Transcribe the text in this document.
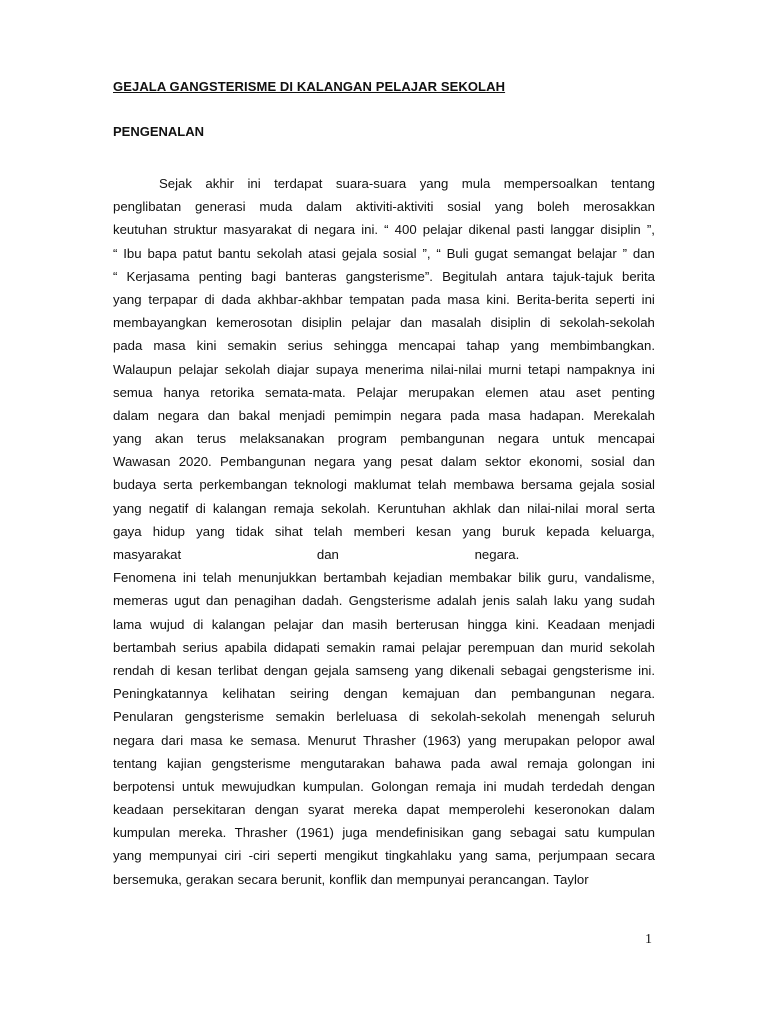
GEJALA GANGSTERISME DI KALANGAN PELAJAR SEKOLAH
PENGENALAN
Sejak akhir ini terdapat suara-suara yang mula mempersoalkan tentang
penglibatan generasi muda dalam aktiviti-aktiviti sosial yang boleh merosakkan
keutuhan struktur masyarakat di negara ini. “ 400 pelajar dikenal pasti langgar disiplin ”,
“ Ibu bapa patut bantu sekolah atasi gejala sosial ”, “ Buli gugat semangat belajar ” dan
“ Kerjasama penting bagi banteras gangsterisme”. Begitulah antara tajuk-tajuk berita
yang terpapar di dada akhbar-akhbar tempatan pada masa kini. Berita-berita seperti ini
membayangkan kemerosotan disiplin pelajar dan masalah disiplin di sekolah-sekolah
pada masa kini semakin serius sehingga mencapai tahap yang membimbangkan.
Walaupun pelajar sekolah diajar supaya menerima nilai-nilai murni tetapi nampaknya ini
semua hanya retorika semata-mata. Pelajar merupakan elemen atau aset penting
dalam negara dan bakal menjadi pemimpin negara pada masa hadapan. Merekalah
yang akan terus melaksanakan program pembangunan negara untuk mencapai
Wawasan 2020. Pembangunan negara yang pesat dalam sektor ekonomi, sosial dan
budaya serta perkembangan teknologi maklumat telah membawa bersama gejala sosial
yang negatif di kalangan remaja sekolah. Keruntuhan akhlak dan nilai-nilai moral serta
gaya hidup yang tidak sihat telah memberi kesan yang buruk kepada keluarga,
masyarakat	dan	negara.
Fenomena ini telah menunjukkan bertambah kejadian membakar bilik guru, vandalisme,
memeras ugut dan penagihan dadah. Gengsterisme adalah jenis salah laku yang sudah
lama wujud di kalangan pelajar dan masih berterusan hingga kini. Keadaan menjadi
bertambah serius apabila didapati semakin ramai pelajar perempuan dan murid sekolah
rendah di kesan terlibat dengan gejala samseng yang dikenali sebagai gengsterisme ini.
Peningkatannya kelihatan seiring dengan kemajuan dan pembangunan negara.
Penularan gengsterisme semakin berleluasa di sekolah-sekolah menengah seluruh
negara dari masa ke semasa. Menurut Thrasher (1963) yang merupakan pelopor awal
tentang kajian gengsterisme mengutarakan bahawa pada awal remaja golongan ini
berpotensi untuk mewujudkan kumpulan. Golongan remaja ini mudah terdedah dengan
keadaan persekitaran dengan syarat mereka dapat memperolehi keseronokan dalam
kumpulan mereka. Thrasher (1961) juga mendefinisikan gang sebagai satu kumpulan
yang mempunyai ciri -ciri seperti mengikut tingkahlaku yang sama, perjumpaan secara
bersemuka, gerakan secara berunit, konflik dan mempunyai perancangan. Taylor
1
